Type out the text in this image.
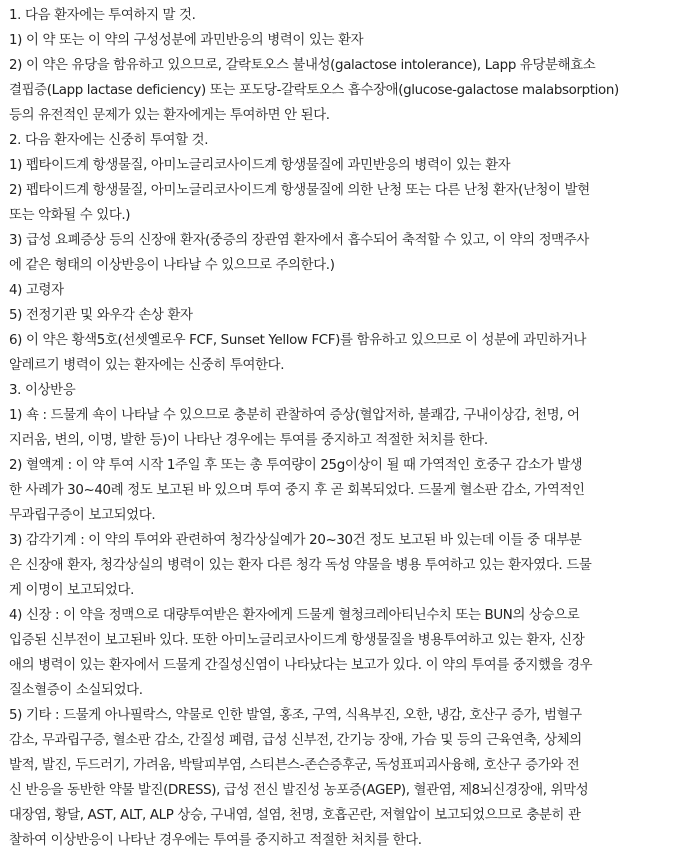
1. 다음 환자에는 투여하지 말 것.
1) 이 약 또는 이 약의 구성성분에 과민반응의 병력이 있는 환자
2) 이 약은 유당을 함유하고 있으므로, 갈락토오스 불내성(galactose intolerance), Lapp 유당분해효소
결핍증(Lapp lactase deficiency) 또는 포도당-갈락토오스 흡수장애(glucose-galactose malabsorption)
등의 유전적인 문제가 있는 환자에게는 투여하면 안 된다.
2. 다음 환자에는 신중히 투여할 것.
1) 펩타이드계 항생물질, 아미노글리코사이드계 항생물질에 과민반응의 병력이 있는 환자
2) 펩타이드계 항생물질, 아미노글리코사이드계 항생물질에 의한 난청 또는 다른 난청 환자(난청이 발현
또는 악화될 수 있다.)
3) 급성 요폐증상 등의 신장애 환자(중증의 장관염 환자에서 흡수되어 축적할 수 있고, 이 약의 정맥주사
에 같은 형태의 이상반응이 나타날 수 있으므로 주의한다.)
4) 고령자
5) 전정기관 및 와우각 손상 환자
6) 이 약은 황색5호(선셋옐로우 FCF, Sunset Yellow FCF)를 함유하고 있으므로 이 성분에 과민하거나
알레르기 병력이 있는 환자에는 신중히 투여한다.
3. 이상반응
1) 쇽 : 드물게 쇽이 나타날 수 있으므로 충분히 관찰하여 증상(혈압저하, 불쾌감, 구내이상감, 천명, 어
지러움, 변의, 이명, 발한 등)이 나타난 경우에는 투여를 중지하고 적절한 처치를 한다.
2) 혈액계 : 이 약 투여 시작 1주일 후 또는 총 투여량이 25g이상이 될 때 가역적인 호중구 감소가 발생
한 사례가 30~40례 정도 보고된 바 있으며 투여 중지 후 곧 회복되었다. 드물게 혈소판 감소, 가역적인
무과립구증이 보고되었다.
3) 감각기계 : 이 약의 투여와 관련하여 청각상실예가 20~30건 정도 보고된 바 있는데 이들 중 대부분
은 신장애 환자, 청각상실의 병력이 있는 환자 다른 청각 독성 약물을 병용 투여하고 있는 환자였다. 드물
게 이명이 보고되었다.
4) 신장 : 이 약을 정맥으로 대량투여받은 환자에게 드물게 혈청크레아티닌수치 또는 BUN의 상승으로
입증된 신부전이 보고된바 있다. 또한 아미노글리코사이드계 항생물질을 병용투여하고 있는 환자, 신장
애의 병력이 있는 환자에서 드물게 간질성신염이 나타났다는 보고가 있다. 이 약의 투여를 중지했을 경우
질소혈증이 소실되었다.
5) 기타 : 드물게 아나필락스, 약물로 인한 발열, 홍조, 구역, 식욕부진, 오한, 냉감, 호산구 증가, 범혈구
감소, 무과립구증, 혈소판 감소, 간질성 폐렴, 급성 신부전, 간기능 장애, 가슴 및 등의 근육연축, 상체의
발적, 발진, 두드러기, 가려움, 박탈피부염, 스티븐스-존슨증후군, 독성표피괴사융해, 호산구 증가와 전
신 반응을 동반한 약물 발진(DRESS), 급성 전신 발진성 농포증(AGEP), 혈관염, 제8뇌신경장애, 위막성
대장염, 황달, AST, ALT, ALP 상승, 구내염, 설염, 천명, 호흡곤란, 저혈압이 보고되었으므로 충분히 관
찰하여 이상반응이 나타난 경우에는 투여를 중지하고 적절한 처치를 한다.
